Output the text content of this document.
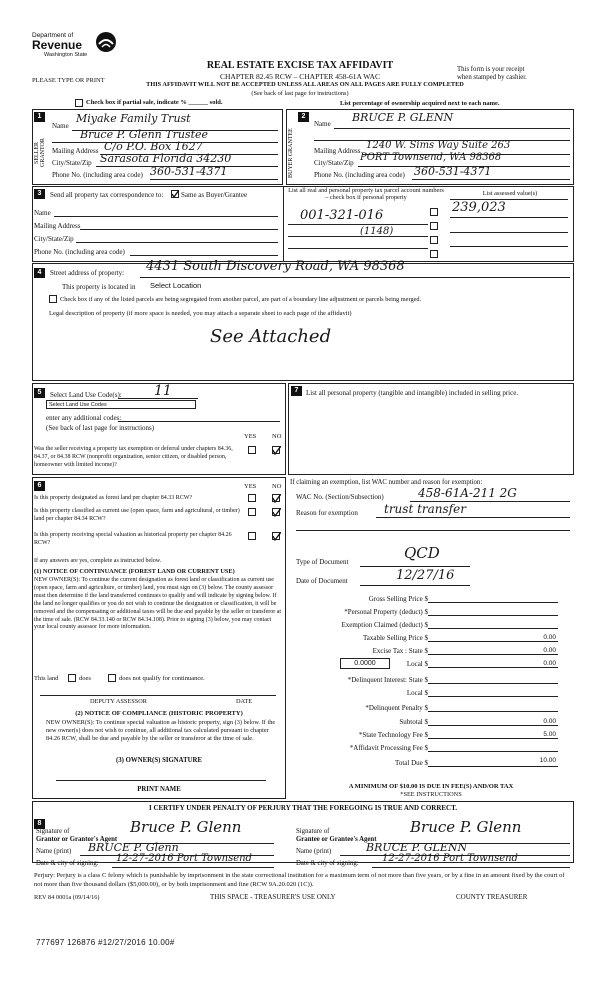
Department of
Revenue
Washington State
PLEASE TYPE OR PRINT
REAL ESTATE EXCISE TAX AFFIDAVIT
CHAPTER 82.45 RCW – CHAPTER 458-61A WAC
THIS AFFIDAVIT WILL NOT BE ACCEPTED UNLESS ALL AREAS ON ALL PAGES ARE FULLY COMPLETED
(See back of last page for instructions)
This form is your receipt
when stamped by cashier.
Check box if partial sale, indicate % ______ sold.	List percentage of ownership acquired next to each name.
1	2
SELLER GRANTOR	BUYER GRANTEE
Name
Miyake Family Trust
Bruce P. Glenn Trustee
Mailing Address C/o P.O. Box 1627
City/State/Zip Sarasota Florida 34230
Phone No. (including area code) 360-531-4371
Name BRUCE P. GLENN
Mailing Address 1240 W. Sims Way Suite 263
City/State/Zip PORT Townsend, WA 98368
Phone No. (including area code) 360-531-4371
3	Send all property tax correspondence to:	Same as Buyer/Grantee
Name
Mailing Address
City/State/Zip
Phone No. (including area code)
List all real and personal property tax parcel account numbers – check box if personal property
List assessed value(s)
001-321-016
(1148)
239,023
4	Street address of property: 4431 South Discovery Road, WA 98368
This property is located in Select Location
Check box if any of the listed parcels are being segregated from another parcel, are part of a boundary line adjustment or parcels being merged.
Legal description of property (if more space is needed, you may attach a separate sheet to each page of the affidavit)
See Attached
5	Select Land Use Code(s): 11
Select Land Use Codes
enter any additional codes:
(See back of last page for instructions)
YES NO
Was the seller receiving a property tax exemption or deferral under chapters 84.36, 84.37, or 84.38 RCW (nonprofit organization, senior citizen, or disabled person, homeowner with limited income)?
7	List all personal property (tangible and intangible) included in selling price.
6	YES NO
Is this property designated as forest land per chapter 84.33 RCW?
Is this property classified as current use (open space, farm and agricultural, or timber) land per chapter 84.34 RCW?
Is this property receiving special valuation as historical property per chapter 84.26 RCW?
If any answers are yes, complete as instructed below.
(1) NOTICE OF CONTINUANCE (FOREST LAND OR CURRENT USE)
NEW OWNER(S): To continue the current designation as forest land or classification as current use (open space, farm and agriculture, or timber) land, you must sign on (3) below. The county assessor must then determine if the land transferred continues to qualify and will indicate by signing below. If the land no longer qualifies or you do not wish to continue the designation or classification, it will be removed and the compensating or additional taxes will be due and payable by the seller or transferor at the time of sale. (RCW 84.33.140 or RCW 84.34.108). Prior to signing (3) below, you may contact your local county assessor for more information.
This land	does	does not qualify for continuance.
DEPUTY ASSESSOR	DATE
(2) NOTICE OF COMPLIANCE (HISTORIC PROPERTY)
NEW OWNER(S): To continue special valuation as historic property, sign (3) below. If the new owner(s) does not wish to continue, all additional tax calculated pursuant to chapter 84.26 RCW, shall be due and payable by the seller or transferor at the time of sale.
(3) OWNER(S) SIGNATURE
PRINT NAME
If claiming an exemption, list WAC number and reason for exemption:
WAC No. (Section/Subsection)	458-61A-211 2G
Reason for exemption trust transfer
Type of Document	QCD
Date of Document	12/27/16
Gross Selling Price $
*Personal Property (deduct) $
Exemption Claimed (deduct) $
Taxable Selling Price $	0.00
Excise Tax : State $	0.00
0.0000	Local $	0.00
*Delinquent Interest: State $
Local $
*Delinquent Penalty $
Subtotal $	0.00
*State Technology Fee $	5.00
*Affidavit Processing Fee $
Total Due $	10.00
A MINIMUM OF $10.00 IS DUE IN FEE(S) AND/OR TAX
*SEE INSTRUCTIONS
8
I CERTIFY UNDER PENALTY OF PERJURY THAT THE FOREGOING IS TRUE AND CORRECT.
Signature of
Grantor or Grantor's Agent
Bruce P. Glenn
Name (print) BRUCE P. Glenn
Date & city of signing: 12-27-2016 Port Townsend
Signature of
Grantee or Grantee's Agent
Bruce P. Glenn
Name (print)	BRUCE P. GLENN
Date & city of signing: 12-27-2016 Port Townsend
Perjury: Perjury is a class C felony which is punishable by imprisonment in the state correctional institution for a maximum term of not more than five years, or by a fine in an amount fixed by the court of not more than five thousand dollars ($5,000.00), or by both imprisonment and fine (RCW 9A.20.020 (1C)).
REV 84 0001a (09/14/16)	THIS SPACE - TREASURER'S USE ONLY	COUNTY TREASURER
777697 126876 #12/27/2016 10.00#
